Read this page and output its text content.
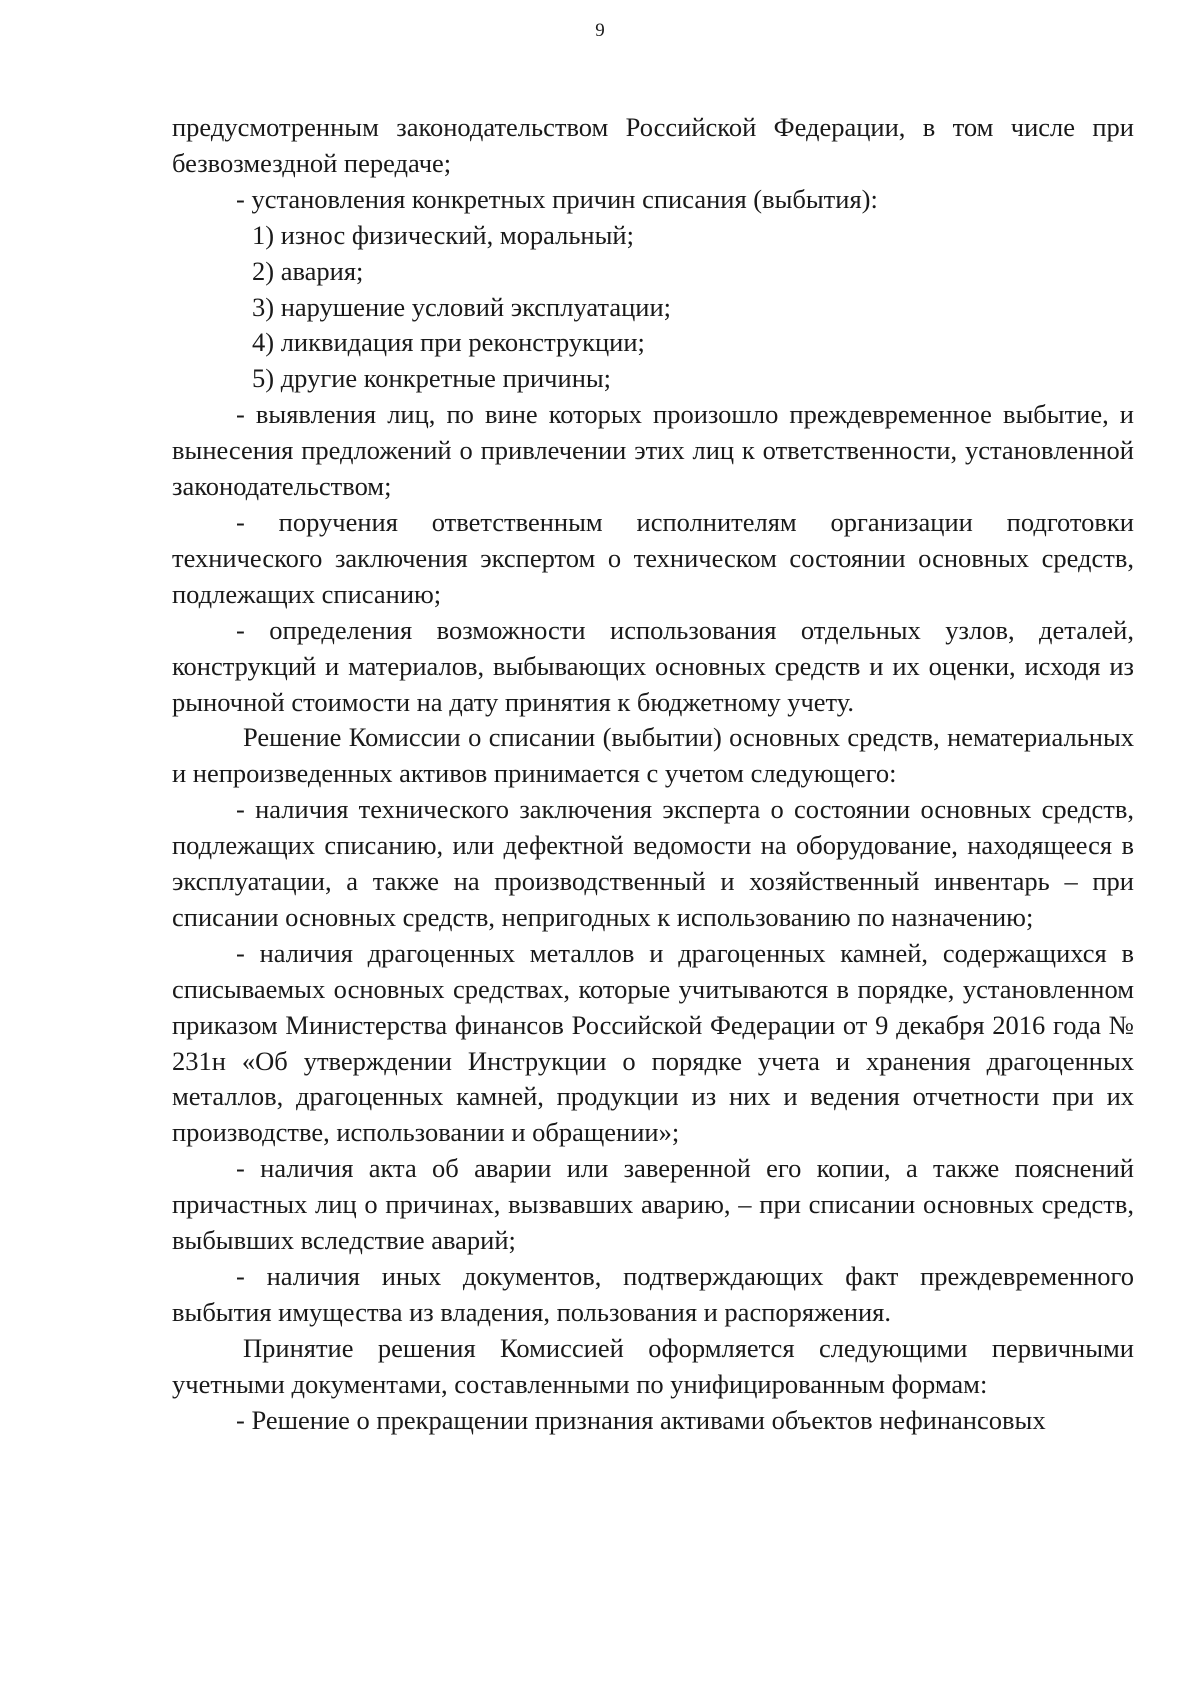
9

предусмотренным законодательством Российской Федерации, в том числе при безвозмездной передаче;

- установления конкретных причин списания (выбытия):

1) износ физический, моральный;

2) авария;

3) нарушение условий эксплуатации;

4) ликвидация при реконструкции;

5) другие конкретные причины;

- выявления лиц, по вине которых произошло преждевременное выбытие, и вынесения предложений о привлечении этих лиц к ответственности, установленной законодательством;

- поручения ответственным исполнителям организации подготовки технического заключения экспертом о техническом состоянии основных средств, подлежащих списанию;

- определения возможности использования отдельных узлов, деталей, конструкций и материалов, выбывающих основных средств и их оценки, исходя из рыночной стоимости на дату принятия к бюджетному учету.

Решение Комиссии о списании (выбытии) основных средств, нематериальных и непроизведенных активов принимается с учетом следующего:

- наличия технического заключения эксперта о состоянии основных средств, подлежащих списанию, или дефектной ведомости на оборудование, находящееся в эксплуатации, а также на производственный и хозяйственный инвентарь – при списании основных средств, непригодных к использованию по назначению;

- наличия драгоценных металлов и драгоценных камней, содержащихся в списываемых основных средствах, которые учитываются в порядке, установленном приказом Министерства финансов Российской Федерации от 9 декабря 2016 года № 231н «Об утверждении Инструкции о порядке учета и хранения драгоценных металлов, драгоценных камней, продукции из них и ведения отчетности при их производстве, использовании и обращении»;

- наличия акта об аварии или заверенной его копии, а также пояснений причастных лиц о причинах, вызвавших аварию, – при списании основных средств, выбывших вследствие аварий;

- наличия иных документов, подтверждающих факт преждевременного выбытия имущества из владения, пользования и распоряжения.

Принятие решения Комиссией оформляется следующими первичными учетными документами, составленными по унифицированным формам:

- Решение о прекращении признания активами объектов нефинансовых
